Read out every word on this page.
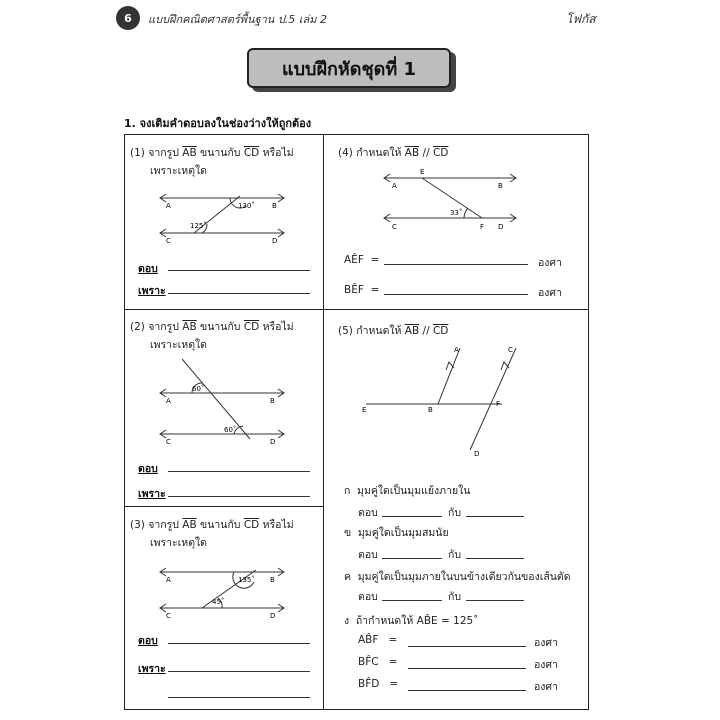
6	แบบฝึกคณิตศาสตร์พื้นฐาน ป.5 เล่ม 2	โฟกัส
แบบฝึกหัดชุดที่ 1
1. จงเติมคำตอบลงในช่องว่างให้ถูกต้อง
(1) จากรูป $\overline{AB}$ ขนานกับ $\overline{CD}$ หรือไม่
เพราะเหตุใด
A	B
C	D
130˚
125˚
ตอบ
เพราะ
(2) จากรูป $\overline{AB}$ ขนานกับ $\overline{CD}$ หรือไม่
เพราะเหตุใด
A	B
C	D
60˚
60˚
ตอบ
เพราะ
(3) จากรูป $\overline{AB}$ ขนานกับ $\overline{CD}$ หรือไม่
เพราะเหตุใด
A	B
C	D
135˚
45˚
ตอบ
เพราะ
(4) กำหนดให้ $\overline{AB} // \overline{CD}$
A
E
B
C	F D
33˚
AÊF =	องศา
BÊF =	องศา
(5) กำหนดให้ $\overline{AB} // \overline{CD}$
A	C
E	B
F
D
ก มุมคู่ใดเป็นมุมแย้งภายใน
ตอบ	กับ
ข มุมคู่ใดเป็นมุมสมนัย
ตอบ	กับ
ค มุมคู่ใดเป็นมุมภายในบนข้างเดียวกันของเส้นตัด
ตอบ	กับ
ง ถ้ากำหนดให้ AB̂E = 125˚
AB̂F =	องศา
BF̂C =	องศา
BF̂D =	องศา
